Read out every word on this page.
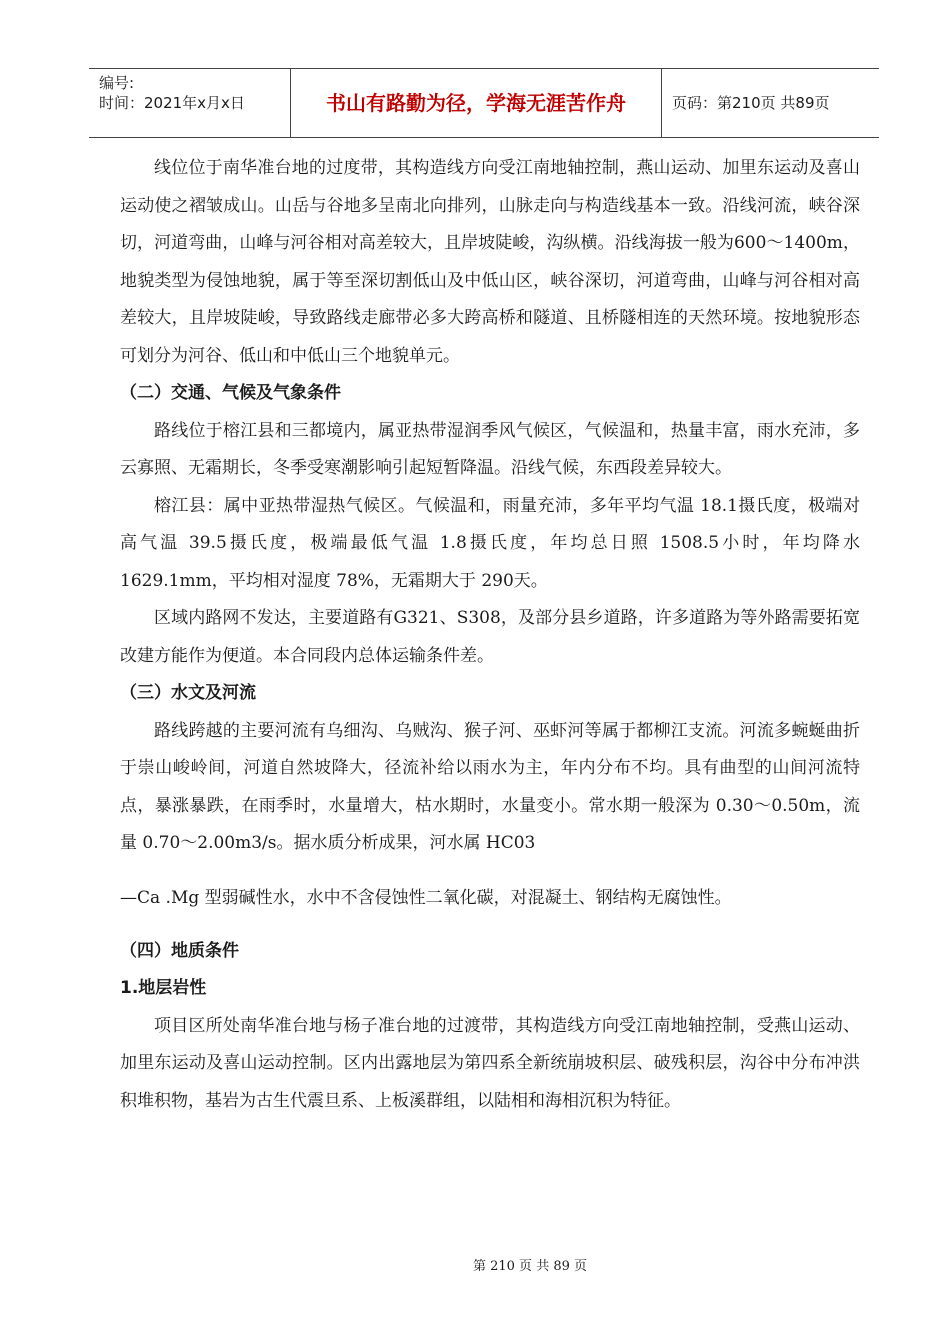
编号:
时间：2021年x月x日	书山有路勤为径，学海无涯苦作舟	页码：第210页 共89页

线位位于南华准台地的过度带，其构造线方向受江南地轴控制，燕山运动、加里东运动及喜山运动使之褶皱成山。山岳与谷地多呈南北向排列，山脉走向与构造线基本一致。沿线河流，峡谷深切，河道弯曲，山峰与河谷相对高差较大，且岸坡陡峻，沟纵横。沿线海拔一般为600～1400m，地貌类型为侵蚀地貌，属于等至深切割低山及中低山区，峡谷深切，河道弯曲，山峰与河谷相对高差较大，且岸坡陡峻，导致路线走廊带必多大跨高桥和隧道、且桥隧相连的天然环境。按地貌形态可划分为河谷、低山和中低山三个地貌单元。

（二）交通、气候及气象条件

路线位于榕江县和三都境内，属亚热带湿润季风气候区，气候温和，热量丰富，雨水充沛，多云寡照、无霜期长，冬季受寒潮影响引起短暂降温。沿线气候，东西段差异较大。

榕江县：属中亚热带湿热气候区。气候温和，雨量充沛，多年平均气温 18.1摄氏度，极端对高气温 39.5摄氏度，极端最低气温 1.8摄氏度，年均总日照 1508.5小时，年均降水 1629.1mm，平均相对湿度 78%，无霜期大于 290天。

区域内路网不发达，主要道路有G321、S308，及部分县乡道路，许多道路为等外路需要拓宽改建方能作为便道。本合同段内总体运输条件差。

（三）水文及河流

路线跨越的主要河流有乌细沟、乌贼沟、猴子河、巫虾河等属于都柳江支流。河流多蜿蜒曲折于崇山峻岭间，河道自然坡降大，径流补给以雨水为主，年内分布不均。具有曲型的山间河流特点，暴涨暴跌，在雨季时，水量增大，枯水期时，水量变小。常水期一般深为 0.30～0.50m，流量 0.70～2.00m3/s。据水质分析成果，河水属 HC03

—Ca .Mg 型弱碱性水，水中不含侵蚀性二氧化碳，对混凝土、钢结构无腐蚀性。

（四）地质条件

1.地层岩性

项目区所处南华准台地与杨子准台地的过渡带，其构造线方向受江南地轴控制，受燕山运动、加里东运动及喜山运动控制。区内出露地层为第四系全新统崩坡积层、破残积层，沟谷中分布冲洪积堆积物，基岩为古生代震旦系、上板溪群组，以陆相和海相沉积为特征。

第 210 页 共 89 页
